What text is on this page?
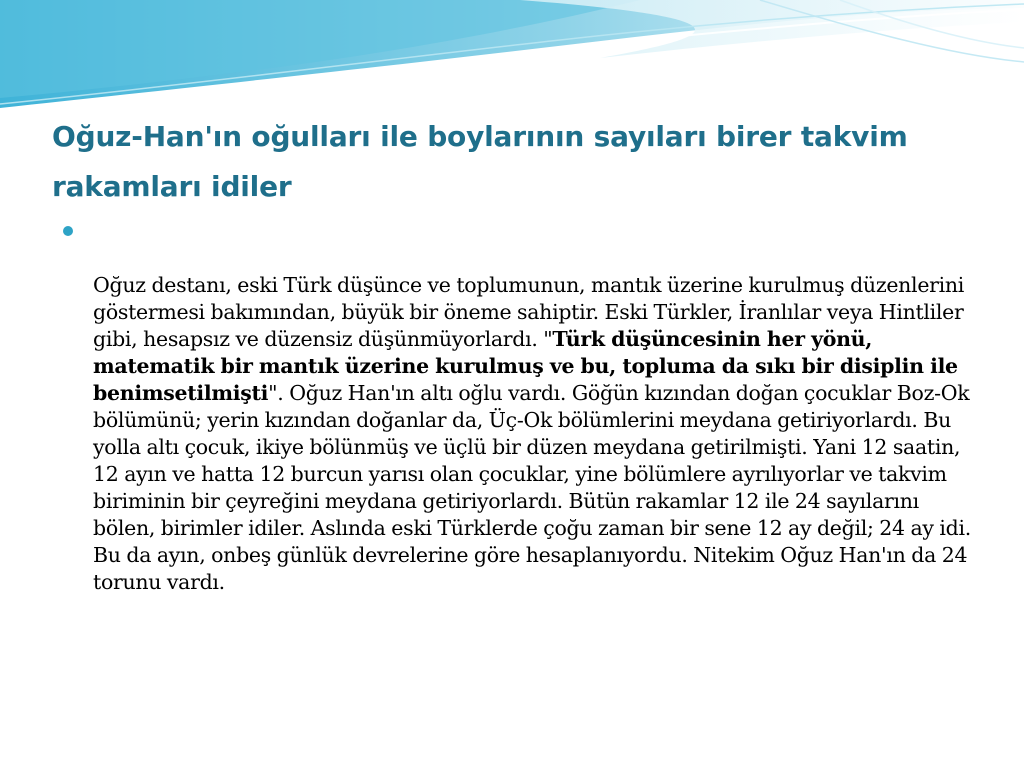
Oğuz-Han'ın oğulları ile boylarının sayıları birer takvim rakamları idiler

Oğuz destanı, eski Türk düşünce ve toplumunun, mantık üzerine kurulmuş düzenlerini göstermesi bakımından, büyük bir öneme sahiptir. Eski Türkler, İranlılar veya Hintliler gibi, hesapsız ve düzensiz düşünmüyorlardı. "Türk düşüncesinin her yönü, matematik bir mantık üzerine kurulmuş ve bu, topluma da sıkı bir disiplin ile benimsetilmişti". Oğuz Han'ın altı oğlu vardı. Göğün kızından doğan çocuklar Boz-Ok bölümünü; yerin kızından doğanlar da, Üç-Ok bölümlerini meydana getiriyorlardı. Bu yolla altı çocuk, ikiye bölünmüş ve üçlü bir düzen meydana getirilmişti. Yani 12 saatin, 12 ayın ve hatta 12 burcun yarısı olan çocuklar, yine bölümlere ayrılıyorlar ve takvim biriminin bir çeyreğini meydana getiriyorlardı. Bütün rakamlar 12 ile 24 sayılarını bölen, birimler idiler. Aslında eski Türklerde çoğu zaman bir sene 12 ay değil; 24 ay idi. Bu da ayın, onbeş günlük devrelerine göre hesaplanıyordu. Nitekim Oğuz Han'ın da 24 torunu vardı.
